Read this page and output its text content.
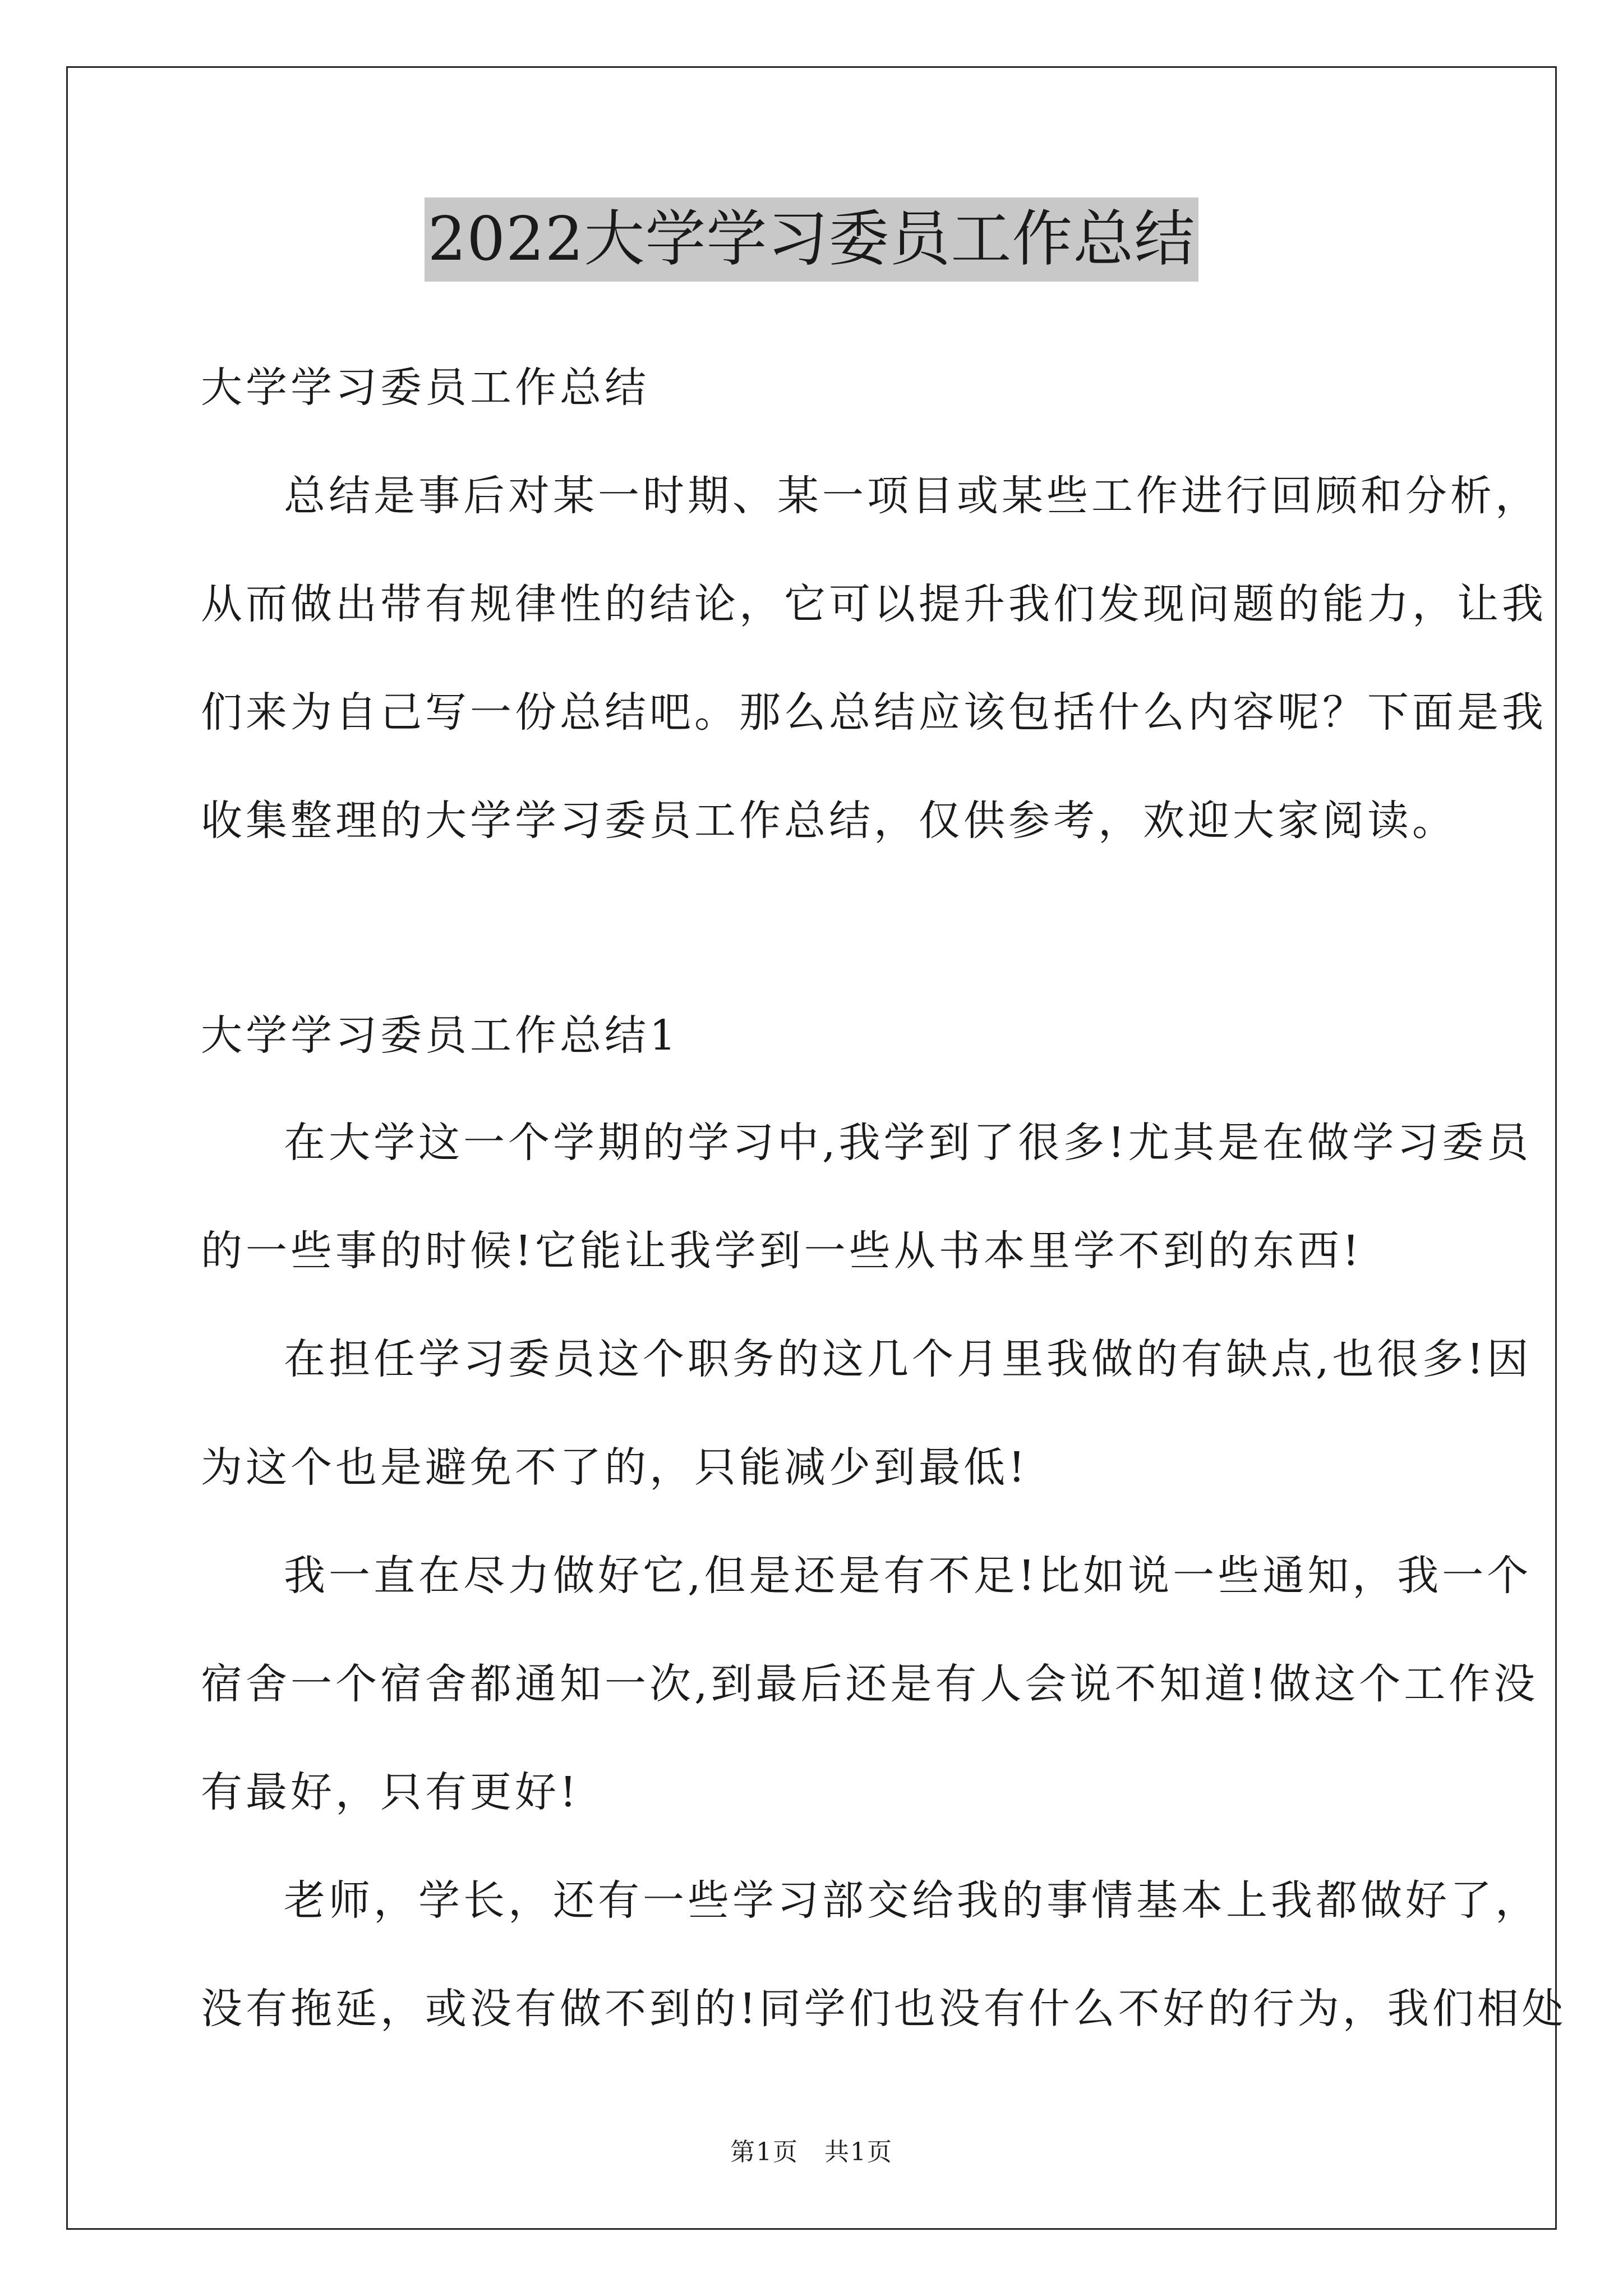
2022大学学习委员工作总结
大学学习委员工作总结
总结是事后对某一时期、某一项目或某些工作进行回顾和分析，
从而做出带有规律性的结论，它可以提升我们发现问题的能力，让我
们来为自己写一份总结吧。那么总结应该包括什么内容呢？下面是我
收集整理的大学学习委员工作总结，仅供参考，欢迎大家阅读。
大学学习委员工作总结1
在大学这一个学期的学习中,我学到了很多!尤其是在做学习委员
的一些事的时候!它能让我学到一些从书本里学不到的东西!
在担任学习委员这个职务的这几个月里我做的有缺点,也很多!因
为这个也是避免不了的，只能减少到最低!
我一直在尽力做好它,但是还是有不足!比如说一些通知，我一个
宿舍一个宿舍都通知一次,到最后还是有人会说不知道!做这个工作没
有最好，只有更好!
老师，学长，还有一些学习部交给我的事情基本上我都做好了，
没有拖延，或没有做不到的!同学们也没有什么不好的行为，我们相处
第1页　共1页
